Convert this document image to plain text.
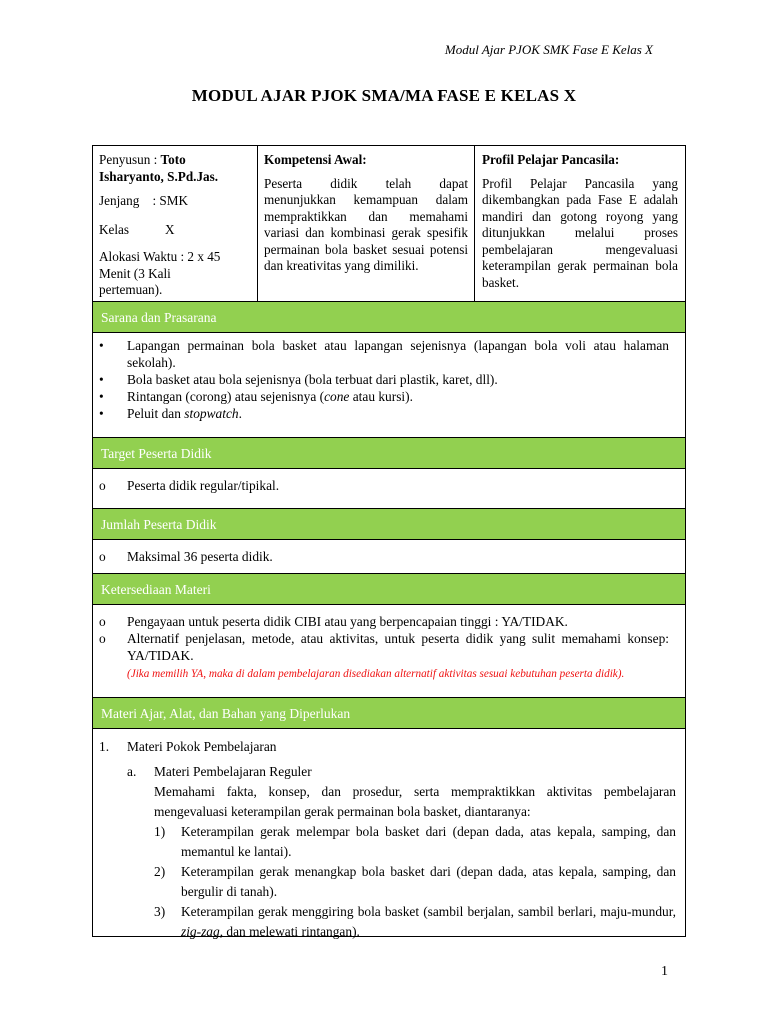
Modul Ajar PJOK SMK Fase E Kelas X
MODUL AJAR PJOK SMA/MA FASE E KELAS X

Penyusun : Toto

Isharyanto, S.Pd.Jas.

Jenjang    : SMK

Kelas	X

Alokasi Waktu : 2 x 45

Menit (3 Kali

pertemuan).

Kompetensi Awal:

Peserta didik telah dapat menunjukkan kemampuan dalam mempraktikkan dan memahami variasi dan kombinasi gerak spesifik permainan bola basket sesuai potensi dan kreativitas yang dimiliki.

Profil Pelajar Pancasila:

Profil Pelajar Pancasila yang dikembangkan pada Fase E adalah mandiri dan gotong royong yang ditunjukkan melalui proses pembelajaran mengevaluasi keterampilan gerak permainan bola basket.

Sarana dan Prasarana
• Lapangan permainan bola basket atau lapangan sejenisnya (lapangan bola voli atau halaman sekolah).
• Bola basket atau bola sejenisnya (bola terbuat dari plastik, karet, dll).
• Rintangan (corong) atau sejenisnya (cone atau kursi).
• Peluit dan stopwatch.
Target Peserta Didik
o Peserta didik regular/tipikal.
Jumlah Peserta Didik
o Maksimal 36 peserta didik.
Ketersediaan Materi
o Pengayaan untuk peserta didik CIBI atau yang berpencapaian tinggi : YA/TIDAK.
o Alternatif penjelasan, metode, atau aktivitas, untuk peserta didik yang sulit memahami konsep: YA/TIDAK.
(Jika memilih YA, maka di dalam pembelajaran disediakan alternatif aktivitas sesuai kebutuhan peserta didik).
Materi Ajar, Alat, dan Bahan yang Diperlukan
1. Materi Pokok Pembelajaran
a. Materi Pembelajaran Reguler
Memahami fakta, konsep, dan prosedur, serta mempraktikkan aktivitas pembelajaran mengevaluasi keterampilan gerak permainan bola basket, diantaranya:
1) Keterampilan gerak melempar bola basket dari (depan dada, atas kepala, samping, dan memantul ke lantai).
2) Keterampilan gerak menangkap bola basket dari (depan dada, atas kepala, samping, dan bergulir di tanah).
3) Keterampilan gerak menggiring bola basket (sambil berjalan, sambil berlari, maju-mundur, zig-zag, dan melewati rintangan).
1
